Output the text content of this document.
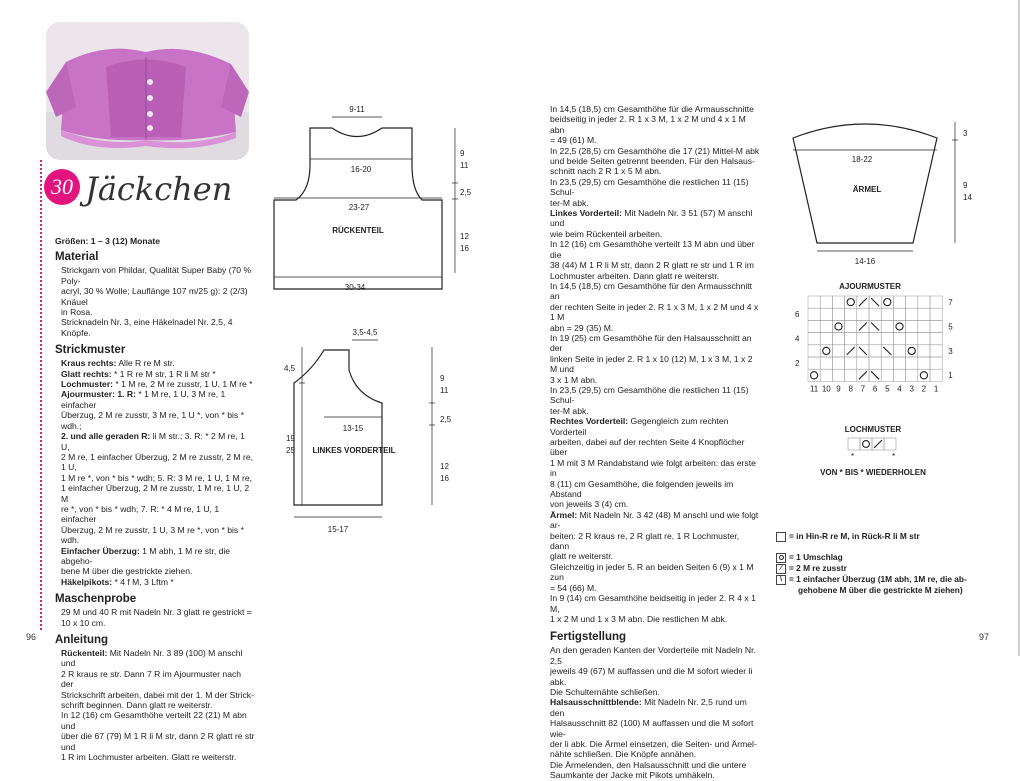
30 Jäckchen

Größen: 1 – 3 (12) Monate

Material

Strickgarn von Phildar, Qualität Super Baby (70 % Poly-

acryl, 30 % Wolle; Lauflänge 107 m/25 g): 2 (2/3) Knäuel

in Rosa.

Stricknadeln Nr. 3, eine Häkelnadel Nr. 2,5, 4 Knöpfe.

Strickmuster

Kraus rechts: Alle R re M str.

Glatt rechts: * 1 R re M str, 1 R li M str *

Lochmuster: * 1 M re, 2 M re zusstr, 1 U, 1 M re *

Ajourmuster: 1. R: * 1 M re, 1 U, 3 M re, 1 einfacher

Überzug, 2 M re zusstr, 3 M re, 1 U *, von * bis * wdh.;

2. und alle geraden R: li M str.; 3. R: * 2 M re, 1 U,

2 M re, 1 einfacher Überzug, 2 M re zusstr, 2 M re, 1 U,

1 M re *, von * bis * wdh; 5. R: 3 M re, 1 U, 1 M re,

1 einfacher Überzug, 2 M re zusstr, 1 M re, 1 U, 2 M

re *, von * bis * wdh; 7. R: * 4 M re, 1 U, 1 einfacher

Überzug, 2 M re zusstr, 1 U, 3 M re *, von * bis * wdh.

Einfacher Überzug: 1 M abh, 1 M re str, die abgeho-

bene M über die gestrickte ziehen.

Häkelpikots: * 4 f M, 3 Lftm *

Maschenprobe

29 M und 40 R mit Nadeln Nr. 3 glatt re gestrickt =

10 x 10 cm.

Anleitung

Rückenteil: Mit Nadeln Nr. 3 89 (100) M anschl und

2 R kraus re str. Dann 7 R im Ajourmuster nach der

Strickschrift arbeiten, dabei mit der 1. M der Strick-

schrift beginnen. Dann glatt re weiterstr.

In 12 (16) cm Gesamthöhe verteilt 22 (21) M abn und

über die 67 (79) M 1 R li M str, dann 2 R glatt re str und

1 R im Lochmuster arbeiten. Glatt re weiterstr.

9-11
16-20
23-27
RÜCKENTEIL
30-34
9
11
2,5
12
16
3,5-4,5
13-15
LINKES VORDERTEIL
15-17
4,5
19
25
9
11
2,5
12
16

In 14,5 (18,5) cm Gesamthöhe für die Armausschnitte

beidseitig in jeder 2. R 1 x 3 M, 1 x 2 M und 4 x 1 M abn

= 49 (61) M.

In 22,5 (28,5) cm Gesamthöhe die 17 (21) Mittel-M abk

und beide Seiten getrennt beenden. Für den Halsaus-

schnitt nach 2 R 1 x 5 M abn.

In 23,5 (29,5) cm Gesamthöhe die restlichen 11 (15) Schul-

ter-M abk.

Linkes Vorderteil: Mit Nadeln Nr. 3 51 (57) M anschl und

wie beim Rückenteil arbeiten.

In 12 (16) cm Gesamthöhe verteilt 13 M abn und über die

38 (44) M 1 R li M str, dann 2 R glatt re str und 1 R im

Lochmuster arbeiten. Dann glatt re weiterstr.

In 14,5 (18,5) cm Gesamthöhe für den Armausschnitt an

der rechten Seite in jeder 2. R 1 x 3 M, 1 x 2 M und 4 x 1 M

abn = 29 (35) M.

In 19 (25) cm Gesamthöhe für den Halsausschnitt an der

linken Seite in jeder 2. R 1 x 10 (12) M, 1 x 3 M, 1 x 2 M und

3 x 1 M abn.

In 23,5 (29,5) cm Gesamthöhe die restlichen 11 (15) Schul-

ter-M abk.

Rechtes Vorderteil: Gegengleich zum rechten Vorderteil

arbeiten, dabei auf der rechten Seite 4 Knopflöcher über

1 M mit 3 M Randabstand wie folgt arbeiten: das erste in

8 (11) cm Gesamthöhe, die folgenden jeweils im Abstand

von jeweils 3 (4) cm.

Ärmel: Mit Nadeln Nr. 3 42 (48) M anschl und wie folgt ar-

beiten: 2 R kraus re, 2 R glatt re, 1 R Lochmuster, dann

glatt re weiterstr.

Gleichzeitig in jeder 5. R an beiden Seiten 6 (9) x 1 M zun

= 54 (66) M.

In 9 (14) cm Gesamthöhe beidseitig in jeder 2. R 4 x 1 M,

1 x 2 M und 1 x 3 M abn. Die restlichen M abk.

Fertigstellung

An den geraden Kanten der Vorderteile mit Nadeln Nr. 2,5

jeweils 49 (67) M auffassen und die M sofort wieder li abk.

Die Schulternähte schließen.

Halsausschnittblende: Mit Nadeln Nr. 2,5 rund um den

Halsausschnitt 82 (100) M auffassen und die M sofort wie-

der li abk. Die Ärmel einsetzen, die Seiten- und Ärmel-

nähte schließen. Die Knöpfe annähen.

Die Ärmelenden, den Halsausschnitt und die untere

Saumkante der Jacke mit Pikots umhäkeln.

18-22
ÄRMEL
14-16
3
9
14
AJOURMUSTER
6
4
2
7
5
3
1
11 10 9 8 7 6 5 4 3 2 1
LOCHMUSTER
*	*
VON * BIS * WIEDERHOLEN
= in Hin-R re M, in Rück-R li M str
= 1 Umschlag
⁄ = 2 M re zusstr
\ = 1 einfacher Überzug (1M abh, 1M re, die ab-
gehobene M über die gestrickte M ziehen)
96	97
